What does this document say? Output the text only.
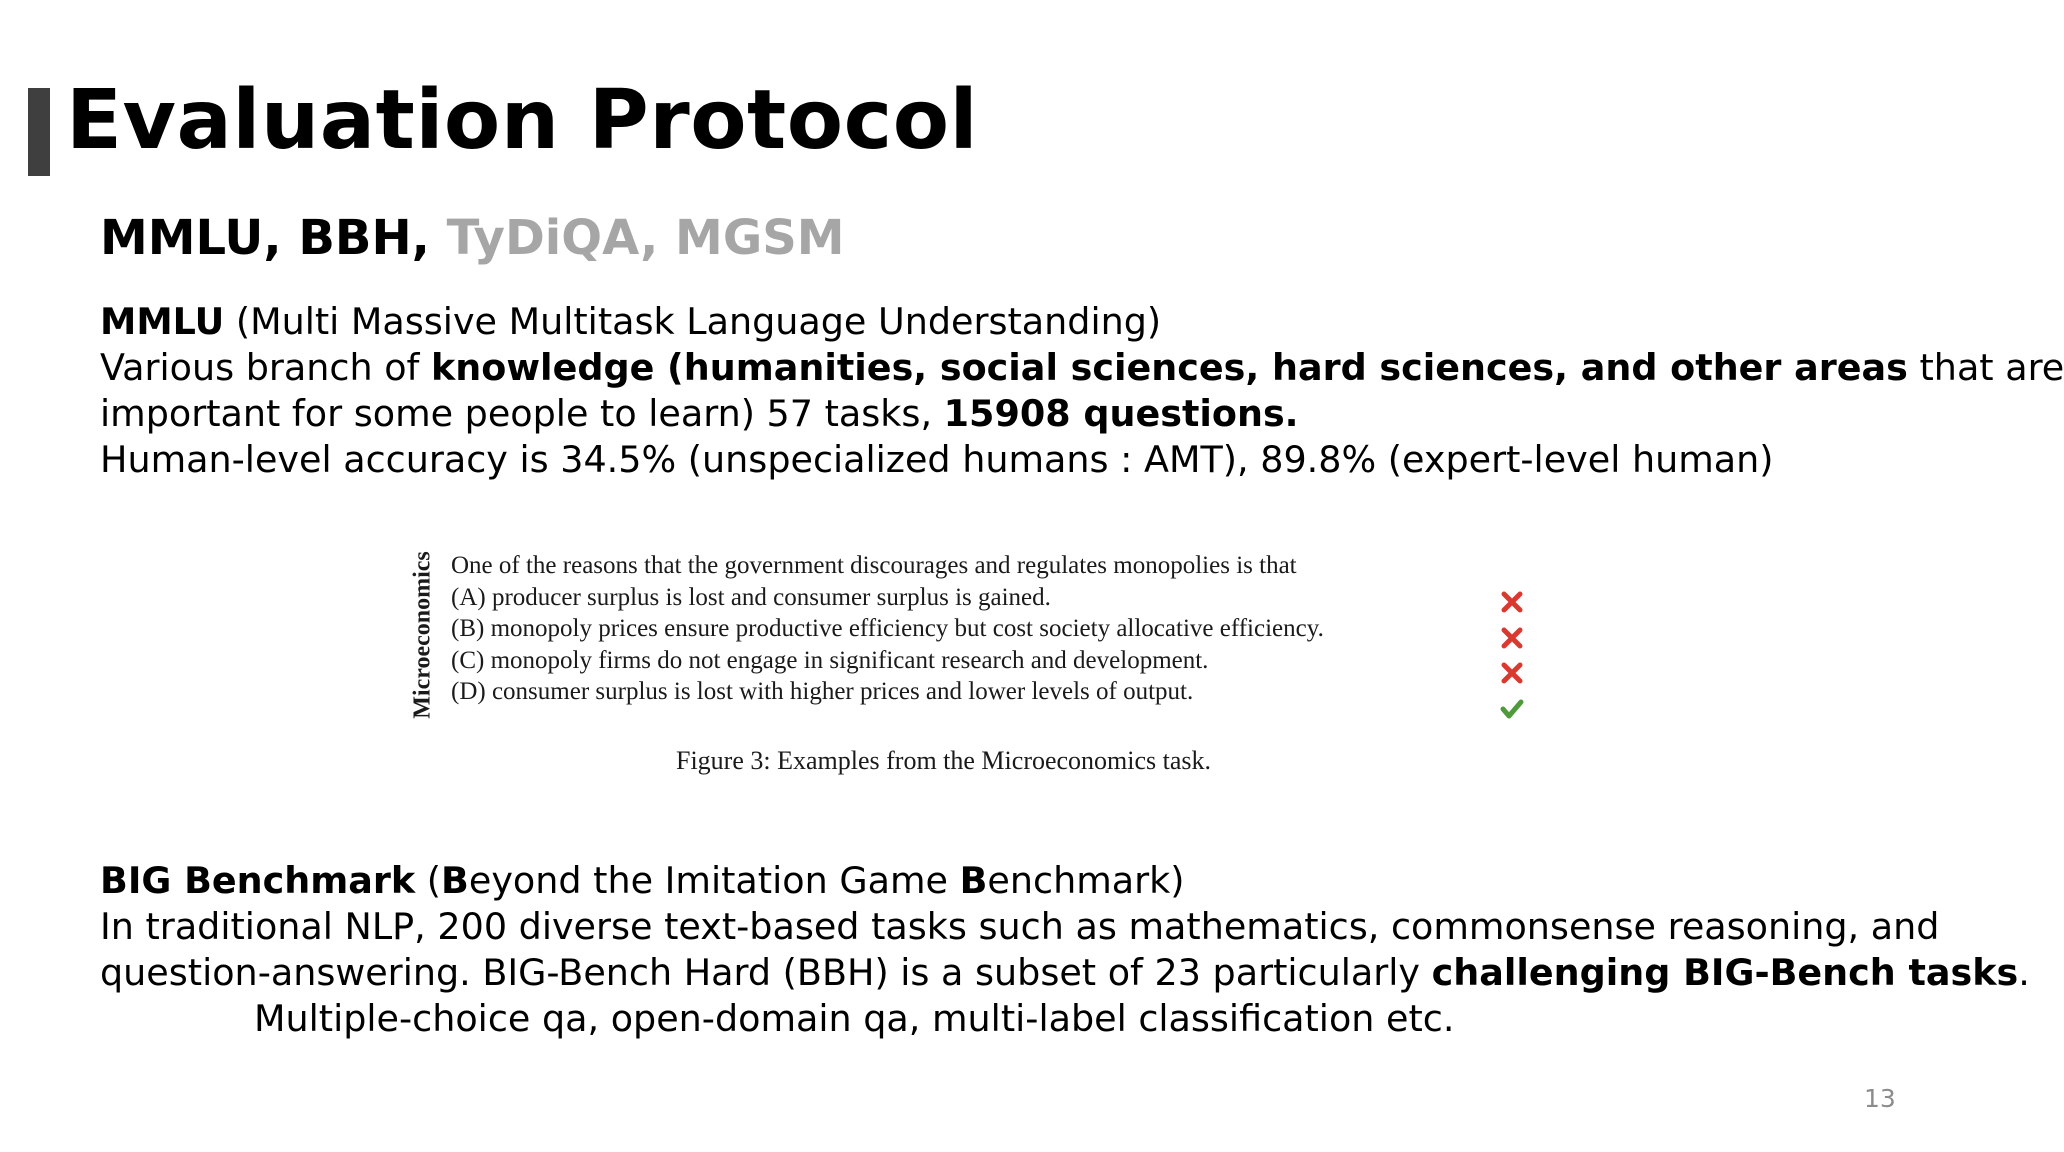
Evaluation Protocol
MMLU, BBH, TyDiQA, MGSM
MMLU (Multi Massive Multitask Language Understanding)
Various branch of knowledge (humanities, social sciences, hard sciences, and other areas that are
important for some people to learn) 57 tasks, 15908 questions.
Human-level accuracy is 34.5% (unspecialized humans : AMT), 89.8% (expert-level human)
Microeconomics One of the reasons that the government discourages and regulates monopolies is that
(A) producer surplus is lost and consumer surplus is gained.
(B) monopoly prices ensure productive efficiency but cost society allocative efficiency.
(C) monopoly firms do not engage in significant research and development.
(D) consumer surplus is lost with higher prices and lower levels of output.
Figure 3: Examples from the Microeconomics task.
BIG Benchmark (Beyond the Imitation Game Benchmark)
In traditional NLP, 200 diverse text-based tasks such as mathematics, commonsense reasoning, and
question-answering. BIG-Bench Hard (BBH) is a subset of 23 particularly challenging BIG-Bench tasks.
Multiple-choice qa, open-domain qa, multi-label classification etc.
13
